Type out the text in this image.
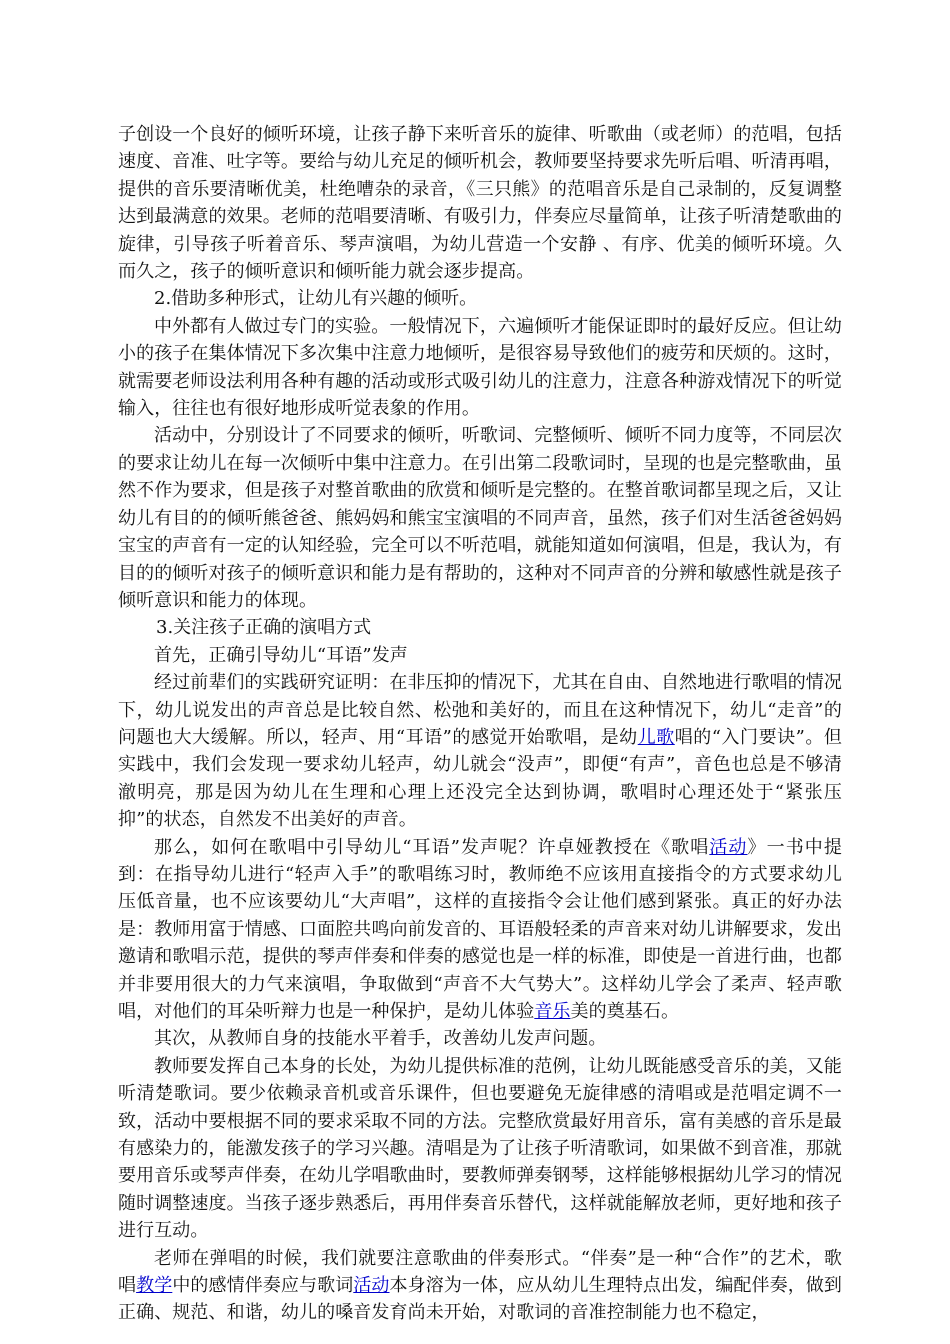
子创设一个良好的倾听环境，让孩子静下来听音乐的旋律、听歌曲（或老师）的范唱，包括速度、音准、吐字等。要给与幼儿充足的倾听机会，教师要坚持要求先听后唱、听清再唱，提供的音乐要清晰优美，杜绝嘈杂的录音，《三只熊》的范唱音乐是自己录制的，反复调整达到最满意的效果。老师的范唱要清晰、有吸引力，伴奏应尽量简单，让孩子听清楚歌曲的旋律，引导孩子听着音乐、琴声演唱，为幼儿营造一个安静 、有序、优美的倾听环境。久而久之，孩子的倾听意识和倾听能力就会逐步提高。

2.借助多种形式，让幼儿有兴趣的倾听。

中外都有人做过专门的实验。一般情况下，六遍倾听才能保证即时的最好反应。但让幼小的孩子在集体情况下多次集中注意力地倾听，是很容易导致他们的疲劳和厌烦的。这时，就需要老师设法利用各种有趣的活动或形式吸引幼儿的注意力，注意各种游戏情况下的听觉输入，往往也有很好地形成听觉表象的作用。

活动中，分别设计了不同要求的倾听，听歌词、完整倾听、倾听不同力度等，不同层次的要求让幼儿在每一次倾听中集中注意力。在引出第二段歌词时，呈现的也是完整歌曲，虽然不作为要求，但是孩子对整首歌曲的欣赏和倾听是完整的。在整首歌词都呈现之后，又让幼儿有目的的倾听熊爸爸、熊妈妈和熊宝宝演唱的不同声音，虽然，孩子们对生活爸爸妈妈宝宝的声音有一定的认知经验，完全可以不听范唱，就能知道如何演唱，但是，我认为，有目的的倾听对孩子的倾听意识和能力是有帮助的，这种对不同声音的分辨和敏感性就是孩子倾听意识和能力的体现。

3.关注孩子正确的演唱方式

首先，正确引导幼儿“耳语”发声

经过前辈们的实践研究证明：在非压抑的情况下，尤其在自由、自然地进行歌唱的情况下，幼儿说发出的声音总是比较自然、松弛和美好的，而且在这种情况下，幼儿“走音”的问题也大大缓解。所以，轻声、用“耳语”的感觉开始歌唱，是幼儿歌唱的“入门要诀”。但实践中，我们会发现一要求幼儿轻声，幼儿就会“没声”，即便“有声”，音色也总是不够清澈明亮，那是因为幼儿在生理和心理上还没完全达到协调，歌唱时心理还处于“紧张压抑”的状态，自然发不出美好的声音。

那么，如何在歌唱中引导幼儿“耳语”发声呢？许卓娅教授在《歌唱活动》一书中提到：在指导幼儿进行“轻声入手”的歌唱练习时，教师绝不应该用直接指令的方式要求幼儿压低音量，也不应该要幼儿“大声唱”，这样的直接指令会让他们感到紧张。真正的好办法是：教师用富于情感、口面腔共鸣向前发音的、耳语般轻柔的声音来对幼儿讲解要求，发出邀请和歌唱示范，提供的琴声伴奏和伴奏的感觉也是一样的标准，即使是一首进行曲，也都并非要用很大的力气来演唱，争取做到“声音不大气势大”。这样幼儿学会了柔声、轻声歌唱，对他们的耳朵听辩力也是一种保护，是幼儿体验音乐美的奠基石。

其次，从教师自身的技能水平着手，改善幼儿发声问题。

教师要发挥自己本身的长处，为幼儿提供标准的范例，让幼儿既能感受音乐的美，又能听清楚歌词。要少依赖录音机或音乐课件，但也要避免无旋律感的清唱或是范唱定调不一致，活动中要根据不同的要求采取不同的方法。完整欣赏最好用音乐，富有美感的音乐是最有感染力的，能激发孩子的学习兴趣。清唱是为了让孩子听清歌词，如果做不到音准，那就要用音乐或琴声伴奏，在幼儿学唱歌曲时，要教师弹奏钢琴，这样能够根据幼儿学习的情况随时调整速度。当孩子逐步熟悉后，再用伴奏音乐替代，这样就能解放老师，更好地和孩子进行互动。

老师在弹唱的时候，我们就要注意歌曲的伴奏形式。“伴奏”是一种“合作”的艺术，歌唱教学中的感情伴奏应与歌词活动本身溶为一体，应从幼儿生理特点出发，编配伴奏，做到正确、规范、和谐，幼儿的嗓音发育尚未开始，对歌词的音准控制能力也不稳定，
